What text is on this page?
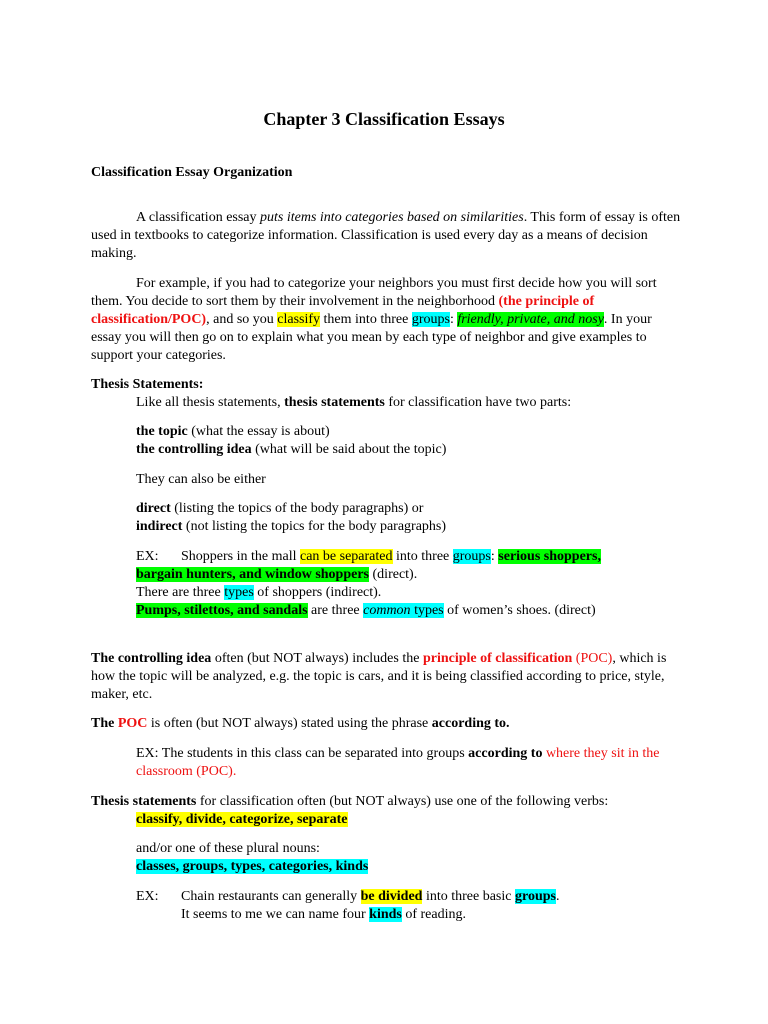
Chapter 3 Classification Essays
Classification Essay Organization

A classification essay puts items into categories based on similarities. This form of essay is often used in textbooks to categorize information. Classification is used every day as a means of decision making.

For example, if you had to categorize your neighbors you must first decide how you will sort them. You decide to sort them by their involvement in the neighborhood (the principle of classification/POC), and so you classify them into three groups: friendly, private, and nosy. In your essay you will then go on to explain what you mean by each type of neighbor and give examples to support your categories.

Thesis Statements:
Like all thesis statements, thesis statements for classification have two parts:
the topic (what the essay is about)
the controlling idea (what will be said about the topic)
They can also be either
direct (listing the topics of the body paragraphs) or
indirect (not listing the topics for the body paragraphs)
EX: Shoppers in the mall can be separated into three groups: serious shoppers,
bargain hunters, and window shoppers (direct).
There are three types of shoppers (indirect).
Pumps, stilettos, and sandals are three common types of women’s shoes. (direct)

The controlling idea often (but NOT always) includes the principle of classification (POC), which is how the topic will be analyzed, e.g. the topic is cars, and it is being classified according to price, style, maker, etc.

The POC is often (but NOT always) stated using the phrase according to.

EX: The students in this class can be separated into groups according to where they sit in the classroom (POC).

Thesis statements for classification often (but NOT always) use one of the following verbs:
classify, divide, categorize, separate
and/or one of these plural nouns:
classes, groups, types, categories, kinds
EX: Chain restaurants can generally be divided into three basic groups.
It seems to me we can name four kinds of reading.
